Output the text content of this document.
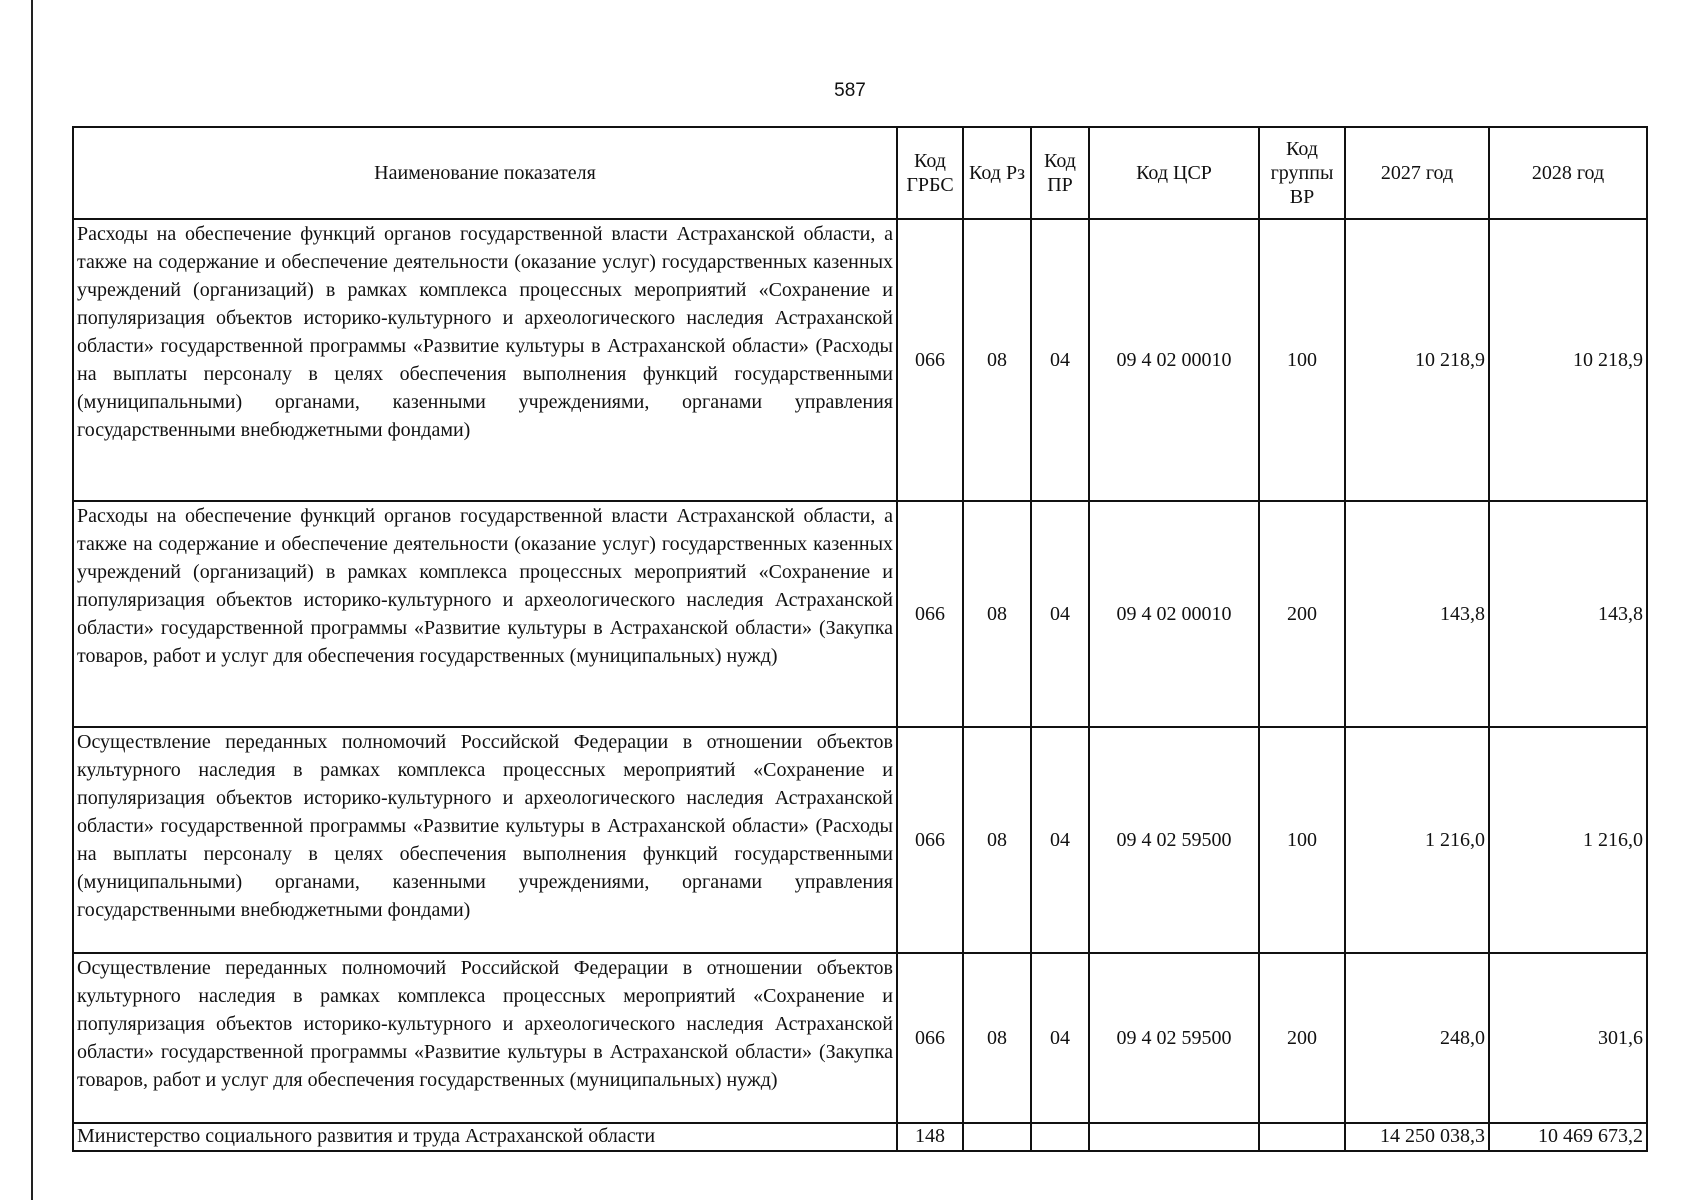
587
Наименование показателя	Код ГРБС	Код Рз	Код ПР	Код ЦСР	Код группы ВР	2027 год	2028 год
Расходы на обеспечение функций органов государственной власти Астраханской области, а также на содержание и обеспечение деятельности (оказание услуг) государственных казенных учреждений (организаций) в рамках комплекса процессных мероприятий «Сохранение и популяризация объектов историко-культурного и археологического наследия Астраханской области» государственной программы «Развитие культуры в Астраханской области» (Расходы на выплаты персоналу в целях обеспечения выполнения функций государственными (муниципальными) органами, казенными учреждениями, органами управления государственными внебюджетными фондами)	066	08	04	09 4 02 00010	100	10 218,9	10 218,9
Расходы на обеспечение функций органов государственной власти Астраханской области, а также на содержание и обеспечение деятельности (оказание услуг) государственных казенных учреждений (организаций) в рамках комплекса процессных мероприятий «Сохранение и популяризация объектов историко-культурного и археологического наследия Астраханской области» государственной программы «Развитие культуры в Астраханской области» (Закупка товаров, работ и услуг для обеспечения государственных (муниципальных) нужд)	066	08	04	09 4 02 00010	200	143,8	143,8
Осуществление переданных полномочий Российской Федерации в отношении объектов культурного наследия в рамках комплекса процессных мероприятий «Сохранение и популяризация объектов историко-культурного и археологического наследия Астраханской области» государственной программы «Развитие культуры в Астраханской области» (Расходы на выплаты персоналу в целях обеспечения выполнения функций государственными (муниципальными) органами, казенными учреждениями, органами управления государственными внебюджетными фондами)	066	08	04	09 4 02 59500	100	1 216,0	1 216,0
Осуществление переданных полномочий Российской Федерации в отношении объектов культурного наследия в рамках комплекса процессных мероприятий «Сохранение и популяризация объектов историко-культурного и археологического наследия Астраханской области» государственной программы «Развитие культуры в Астраханской области» (Закупка товаров, работ и услуг для обеспечения государственных (муниципальных) нужд)	066	08	04	09 4 02 59500	200	248,0	301,6
Министерство социального развития и труда Астраханской области	148					14 250 038,3	10 469 673,2
